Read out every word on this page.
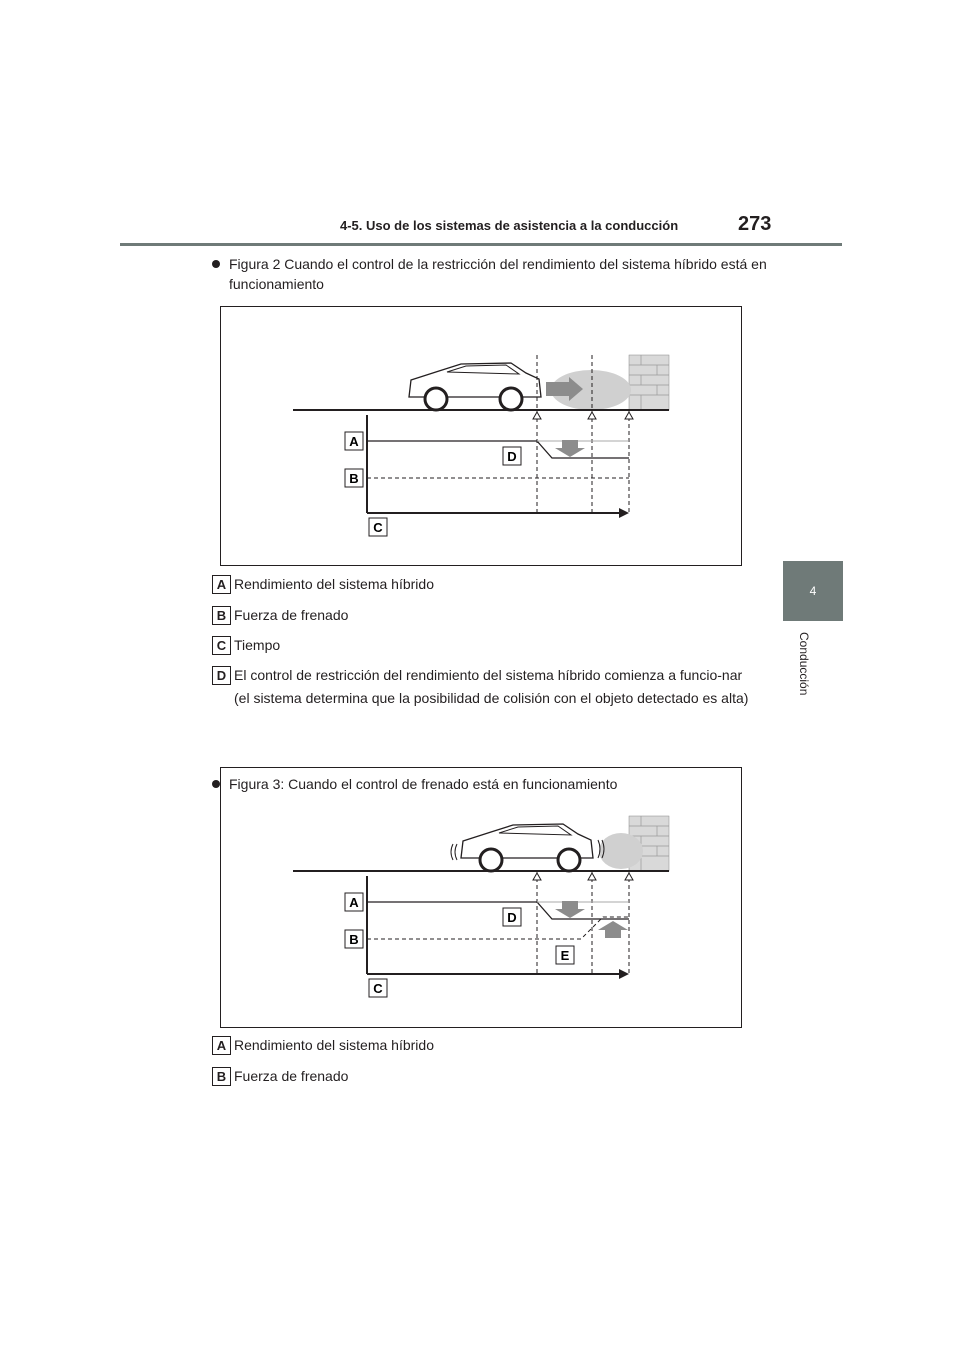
4-5. Uso de los sistemas de asistencia a la conducción	273
4
Conducción
Figura 2 Cuando el control de la restricción del rendimiento del sistema híbrido está en funcionamiento
A
B
C
D
A Rendimiento del sistema híbrido
B Fuerza de frenado
C Tiempo
D El control de restricción del rendimiento del sistema híbrido comienza a funcio-nar (el sistema determina que la posibilidad de colisión con el objeto detectado es alta)
Figura 3: Cuando el control de frenado está en funcionamiento
A
B
C
D
E
A Rendimiento del sistema híbrido
B Fuerza de frenado
